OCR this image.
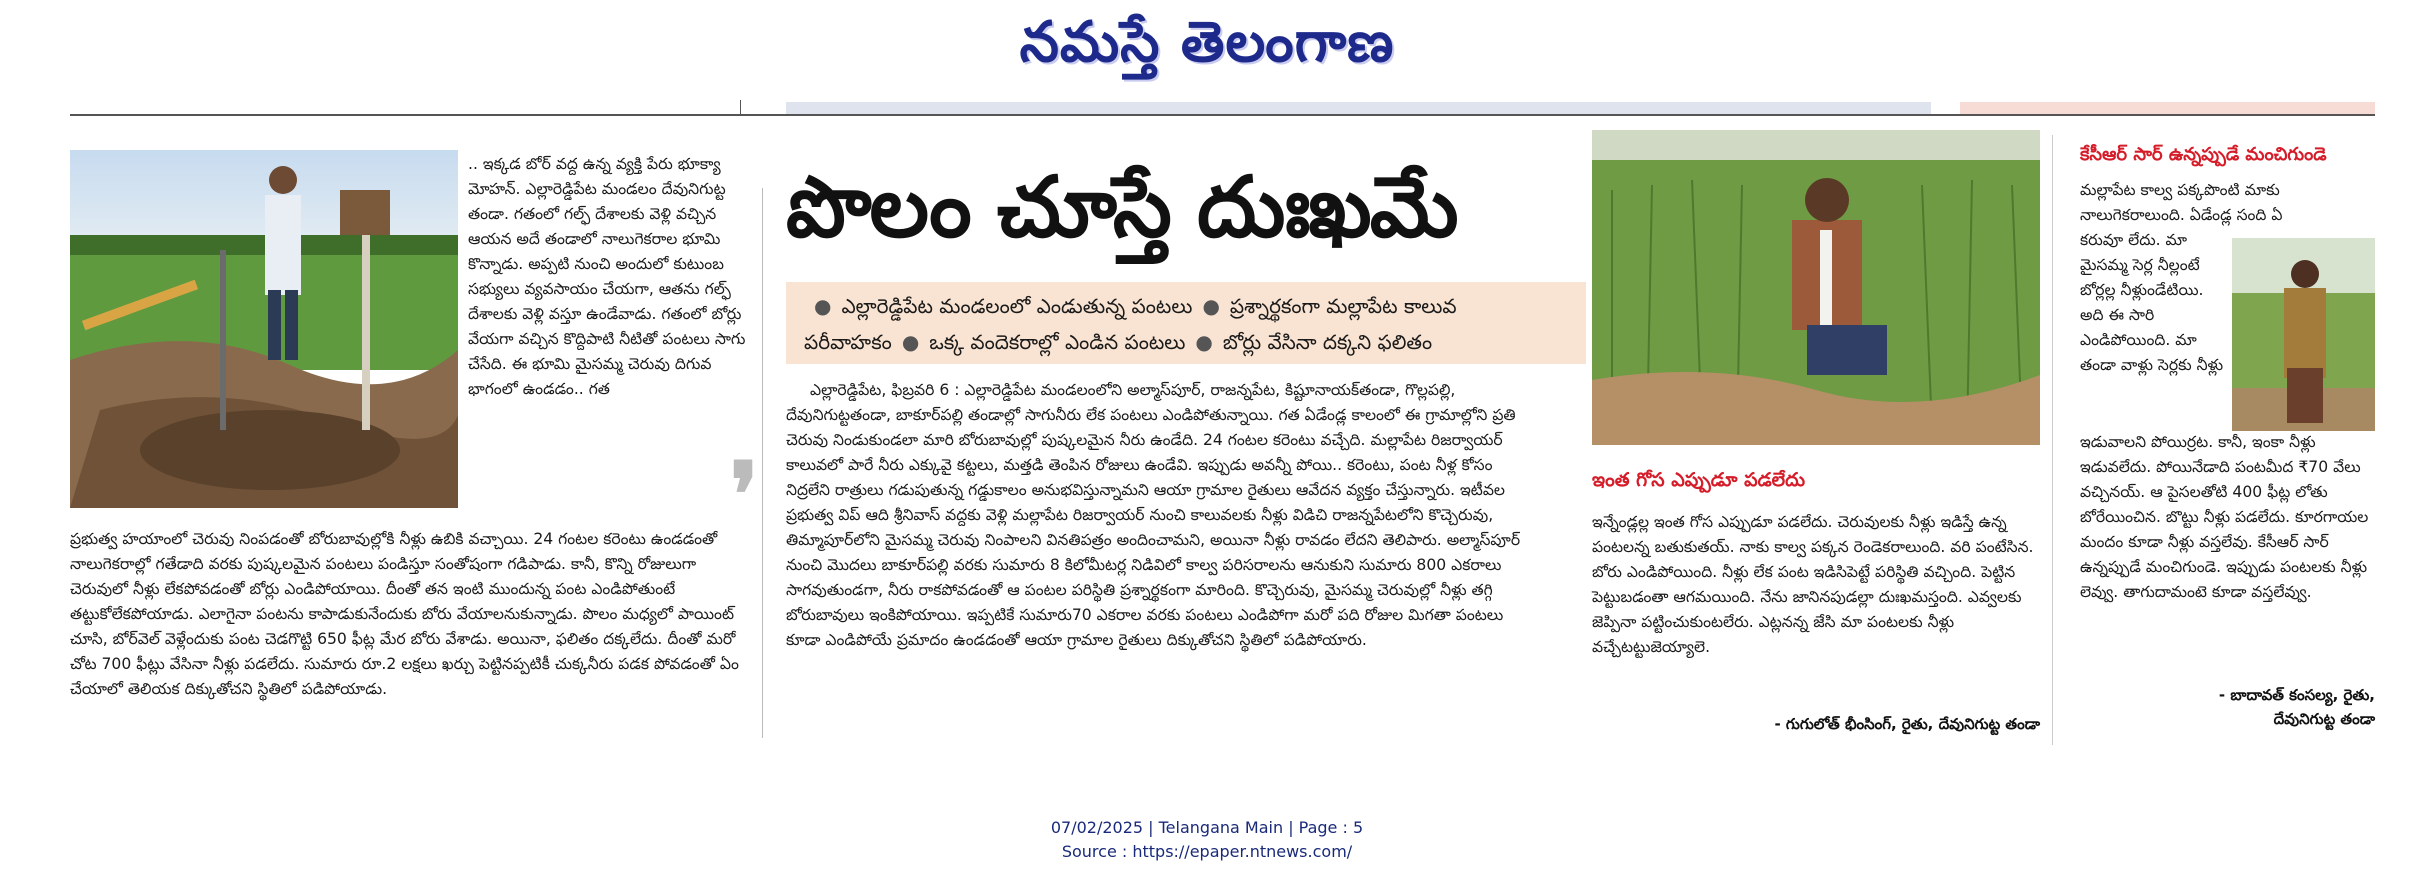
నమస్తే తెలంగాణ
.. ఇక్కడ బోర్ వద్ద ఉన్న వ్యక్తి పేరు భూక్యా మోహన్. ఎల్లారెడ్డిపేట మండలం దేవునిగుట్ట తండా. గతంలో గల్ఫ్ దేశాలకు వెళ్లి వచ్చిన ఆయన అదే తండాలో నాలుగెకరాల భూమి కొన్నాడు. అప్పటి నుంచి అందులో కుటుంబ సభ్యులు వ్యవసాయం చేయగా, ఆతను గల్ఫ్ దేశాలకు వెళ్లి వస్తూ ఉండేవాడు. గతంలో బోర్లు వేయగా వచ్చిన కొద్దిపాటి నీటితో పంటలు సాగు చేసేది. ఈ భూమి మైసమ్మ చెరువు దిగువ భాగంలో ఉండడం.. గత
ప్రభుత్వ హయాంలో చెరువు నింపడంతో బోరుబావుల్లోకి నీళ్లు ఉబికి వచ్చాయి. 24 గంటల కరెంటు ఉండడంతో నాలుగెకరాల్లో గతేడాది వరకు పుష్కలమైన పంటలు పండిస్తూ సంతోషంగా గడిపాడు. కానీ, కొన్ని రోజులుగా చెరువులో నీళ్లు లేకపోవడంతో బోర్లు ఎండిపోయాయి. దీంతో తన ఇంటి ముందున్న పంట ఎండిపోతుంటే తట్టుకోలేకపోయాడు. ఎలాగైనా పంటను కాపాడుకునేందుకు బోరు వేయాలనుకున్నాడు. పొలం మధ్యలో పాయింట్ చూసి, బోర్‌వెల్ వెళ్లేందుకు పంట చెడగొట్టి 650 ఫీట్ల మేర బోరు వేశాడు. అయినా, ఫలితం దక్కలేదు. దీంతో మరో చోట 700 ఫీట్లు వేసినా నీళ్లు పడలేదు. సుమారు రూ.2 లక్షలు ఖర్చు పెట్టినప్పటికీ చుక్కనీరు పడక పోవడంతో ఏం చేయాలో తెలియక దిక్కుతోచని స్థితిలో పడిపోయాడు.
❜
పొలం చూస్తే దుఃఖమే
● ఎల్లారెడ్డిపేట మండలంలో ఎండుతున్న పంటలు ● ప్రశ్నార్థకంగా మల్లాపేట కాలువ పరీవాహకం ● ఒక్క వందెకరాల్లో ఎండిన పంటలు ● బోర్లు వేసినా దక్కని ఫలితం
ఎల్లారెడ్డిపేట, ఫిబ్రవరి 6 : ఎల్లారెడ్డిపేట మండలంలోని అల్మాస్‌పూర్, రాజన్నపేట, కిష్టూనాయక్‌తండా, గొల్లపల్లి, దేవునిగుట్టతండా, బాకూర్‌పల్లి తండాల్లో సాగునీరు లేక పంటలు ఎండిపోతున్నాయి. గత ఏడేండ్ల కాలంలో ఈ గ్రామాల్లోని ప్రతి చెరువు నిండుకుండలా మారి బోరుబావుల్లో పుష్కలమైన నీరు ఉండేది. 24 గంటల కరెంటు వచ్చేది. మల్లాపేట రిజర్వాయర్ కాలువలో పారే నీరు ఎక్కువై కట్టలు, మత్తడి తెంపిన రోజులు ఉండేవి. ఇప్పుడు అవన్నీ పోయి.. కరెంటు, పంట నీళ్ల కోసం నిద్రలేని రాత్రులు గడుపుతున్న గడ్డుకాలం అనుభవిస్తున్నామని ఆయా గ్రామాల రైతులు ఆవేదన వ్యక్తం చేస్తున్నారు. ఇటీవల ప్రభుత్వ విప్ ఆది శ్రీనివాస్ వద్దకు వెళ్లి మల్లాపేట రిజర్వాయర్ నుంచి కాలువలకు నీళ్లు విడిచి రాజన్నపేటలోని కొచ్చెరువు, తిమ్మాపూర్‌లోని మైసమ్మ చెరువు నింపాలని వినతిపత్రం అందించామని, అయినా నీళ్లు రావడం లేదని తెలిపారు. అల్మాస్‌పూర్ నుంచి మొదలు బాకూర్‌పల్లి వరకు సుమారు 8 కిలోమీటర్ల నిడివిలో కాల్వ పరిసరాలను ఆనుకుని సుమారు 800 ఎకరాలు సాగవుతుండగా, నీరు రాకపోవడంతో ఆ పంటల పరిస్థితి ప్రశ్నార్థకంగా మారింది. కొచ్చెరువు, మైసమ్మ చెరువుల్లో నీళ్లు తగ్గి బోరుబావులు ఇంకిపోయాయి. ఇప్పటికే సుమారు70 ఎకరాల వరకు పంటలు ఎండిపోగా మరో పది రోజుల మిగతా పంటలు కూడా ఎండిపోయే ప్రమాదం ఉండడంతో ఆయా గ్రామాల రైతులు దిక్కుతోచని స్థితిలో పడిపోయారు.
ఇంత గోస ఎప్పుడూ పడలేదు
ఇన్నేండ్లల్ల ఇంత గోస ఎప్పుడూ పడలేదు. చెరువులకు నీళ్లు ఇడిస్తే ఉన్న పంటలన్న బతుకుతయ్. నాకు కాల్వ పక్కన రెండెకరాలుంది. వరి పంటేసిన. బోరు ఎండిపోయింది. నీళ్లు లేక పంట ఇడిసిపెట్టే పరిస్థితి వచ్చింది. పెట్టిన పెట్టుబడంతా ఆగమయింది. నేను జానినపుడల్లా దుఃఖమస్తంది. ఎవ్వలకు జెప్పినా పట్టించుకుంటలేరు. ఎట్లనన్న జేసి మా పంటలకు నీళ్లు వచ్చేటట్టుజెయ్యాలె.
- గుగులోత్ భీంసింగ్, రైతు, దేవునిగుట్ట తండా
కేసీఆర్ సార్ ఉన్నప్పుడే మంచిగుండె
మల్లాపేట కాల్వ పక్కపొంటి మాకు నాలుగెకరాలుంది. ఏడేండ్ల సంది ఏ
కరువూ లేదు. మా మైసమ్మ సెర్ల నీల్లంటే బోర్లల్ల నీళ్లుండేటియి. అది ఈ సారి ఎండిపోయింది. మా తండా వాళ్లు సెర్లకు నీళ్లు
ఇడువాలని పోయిర్రట. కానీ, ఇంకా నీళ్లు ఇడువలేదు. పోయినేడాది పంటమీద ₹70 వేలు వచ్చినయ్. ఆ పైసలతోటి 400 ఫీట్ల లోతు బోరేయించిన. బొట్టు నీళ్లు పడలేదు. కూరగాయల మందం కూడా నీళ్లు వస్తలేవు. కేసీఆర్ సార్ ఉన్నప్పుడే మంచిగుండె. ఇప్పుడు పంటలకు నీళ్లు లెవ్వు. తాగుదామంటె కూడా వస్తలేవ్వు.
- బాదావత్ కంసల్య, రైతు,
దేవునిగుట్ట తండా
07/02/2025 | Telangana Main | Page : 5
Source : https://epaper.ntnews.com/
